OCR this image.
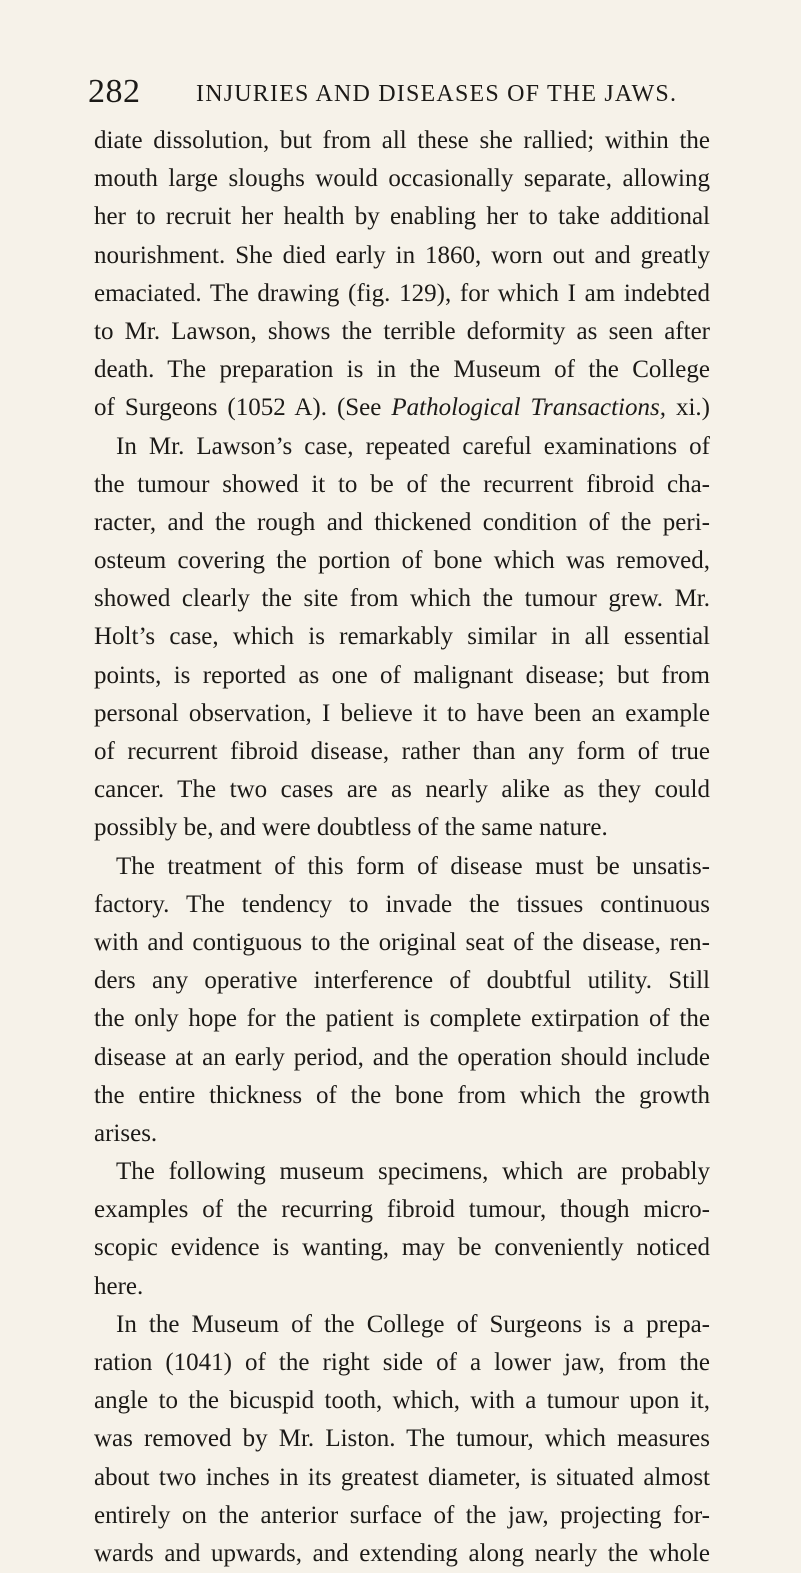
282 INJURIES AND DISEASES OF THE JAWS.
diate dissolution, but from all these she rallied; within the
mouth large sloughs would occasionally separate, allowing
her to recruit her health by enabling her to take additional
nourishment. She died early in 1860, worn out and greatly
emaciated. The drawing (fig. 129), for which I am indebted
to Mr. Lawson, shows the terrible deformity as seen after
death. The preparation is in the Museum of the College
of Surgeons (1052 A). (See Pathological Transactions, xi.)
In Mr. Lawson’s case, repeated careful examinations of
the tumour showed it to be of the recurrent fibroid cha-
racter, and the rough and thickened condition of the peri-
osteum covering the portion of bone which was removed,
showed clearly the site from which the tumour grew. Mr.
Holt’s case, which is remarkably similar in all essential
points, is reported as one of malignant disease; but from
personal observation, I believe it to have been an example
of recurrent fibroid disease, rather than any form of true
cancer. The two cases are as nearly alike as they could
possibly be, and were doubtless of the same nature.
The treatment of this form of disease must be unsatis-
factory. The tendency to invade the tissues continuous
with and contiguous to the original seat of the disease, ren-
ders any operative interference of doubtful utility. Still
the only hope for the patient is complete extirpation of the
disease at an early period, and the operation should include
the entire thickness of the bone from which the growth
arises.
The following museum specimens, which are probably
examples of the recurring fibroid tumour, though micro-
scopic evidence is wanting, may be conveniently noticed
here.
In the Museum of the College of Surgeons is a prepa-
ration (1041) of the right side of a lower jaw, from the
angle to the bicuspid tooth, which, with a tumour upon it,
was removed by Mr. Liston. The tumour, which measures
about two inches in its greatest diameter, is situated almost
entirely on the anterior surface of the jaw, projecting for-
wards and upwards, and extending along nearly the whole
